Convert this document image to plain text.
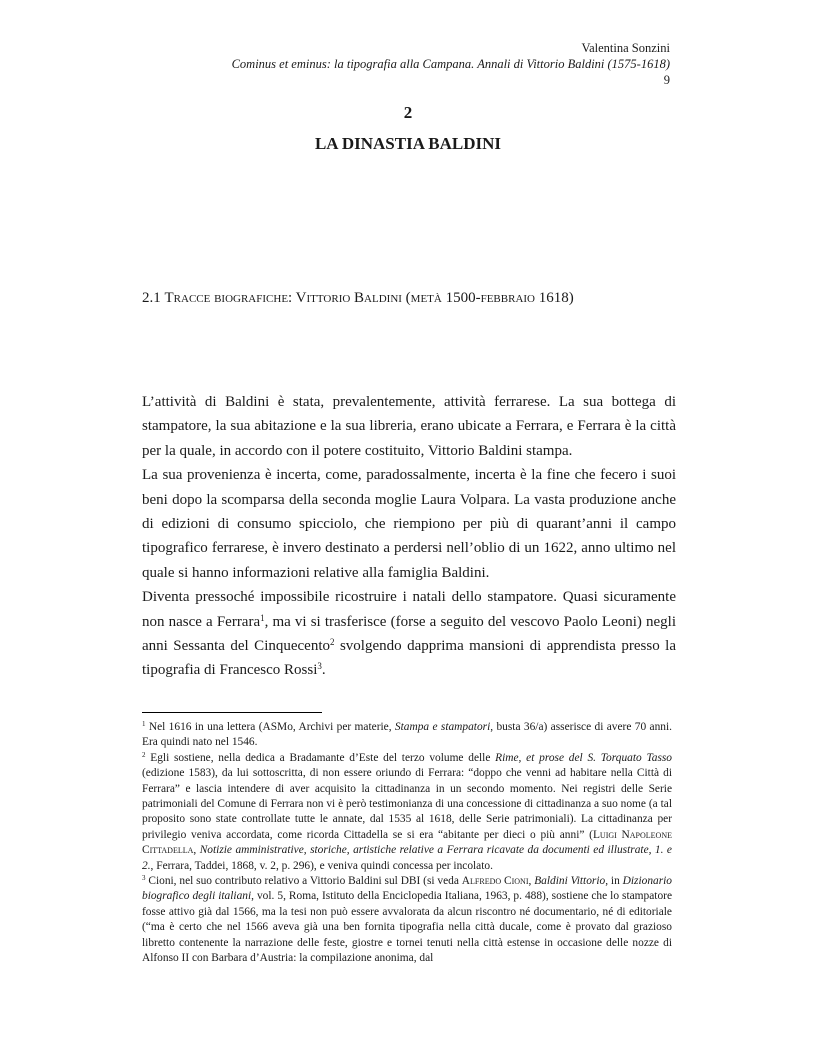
Valentina Sonzini
Cominus et eminus: la tipografia alla Campana. Annali di Vittorio Baldini (1575-1618)
9
2
LA DINASTIA BALDINI
2.1 Tracce biografiche: Vittorio Baldini (metà 1500-febbraio 1618)

L’attività di Baldini è stata, prevalentemente, attività ferrarese. La sua bottega di stampatore, la sua abitazione e la sua libreria, erano ubicate a Ferrara, e Ferrara è la città per la quale, in accordo con il potere costituito, Vittorio Baldini stampa.

La sua provenienza è incerta, come, paradossalmente, incerta è la fine che fecero i suoi beni dopo la scomparsa della seconda moglie Laura Volpara. La vasta produzione anche di edizioni di consumo spicciolo, che riempiono per più di quarant’anni il campo tipografico ferrarese, è invero destinato a perdersi nell’oblio di un 1622, anno ultimo nel quale si hanno informazioni relative alla famiglia Baldini.

Diventa pressoché impossibile ricostruire i natali dello stampatore. Quasi sicuramente non nasce a Ferrara$^1$, ma vi si trasferisce (forse a seguito del vescovo Paolo Leoni) negli anni Sessanta del Cinquecento$^2$ svolgendo dapprima mansioni di apprendista presso la tipografia di Francesco Rossi$^3$.

$^1$ Nel 1616 in una lettera (ASMo, Archivi per materie, Stampa e stampatori, busta 36/a) asserisce di avere 70 anni. Era quindi nato nel 1546.

$^2$ Egli sostiene, nella dedica a Bradamante d’Este del terzo volume delle Rime, et prose del S. Torquato Tasso (edizione 1583), da lui sottoscritta, di non essere oriundo di Ferrara: “doppo che venni ad habitare nella Città di Ferrara” e lascia intendere di aver acquisito la cittadinanza in un secondo momento. Nei registri delle Serie patrimoniali del Comune di Ferrara non vi è però testimonianza di una concessione di cittadinanza a suo nome (a tal proposito sono state controllate tutte le annate, dal 1535 al 1618, delle Serie patrimoniali). La cittadinanza per privilegio veniva accordata, come ricorda Cittadella se si era “abitante per dieci o più anni” (Luigi Napoleone Cittadella, Notizie amministrative, storiche, artistiche relative a Ferrara ricavate da documenti ed illustrate, 1. e 2., Ferrara, Taddei, 1868, v. 2, p. 296), e veniva quindi concessa per incolato.

$^3$ Cioni, nel suo contributo relativo a Vittorio Baldini sul DBI (si veda Alfredo Cioni, Baldini Vittorio, in Dizionario biografico degli italiani, vol. 5, Roma, Istituto della Enciclopedia Italiana, 1963, p. 488), sostiene che lo stampatore fosse attivo già dal 1566, ma la tesi non può essere avvalorata da alcun riscontro né documentario, né di editoriale (“ma è certo che nel 1566 aveva già una ben fornita tipografia nella città ducale, come è provato dal grazioso libretto contenente la narrazione delle feste, giostre e tornei tenuti nella città estense in occasione delle nozze di Alfonso II con Barbara d’Austria: la compilazione anonima, dal
